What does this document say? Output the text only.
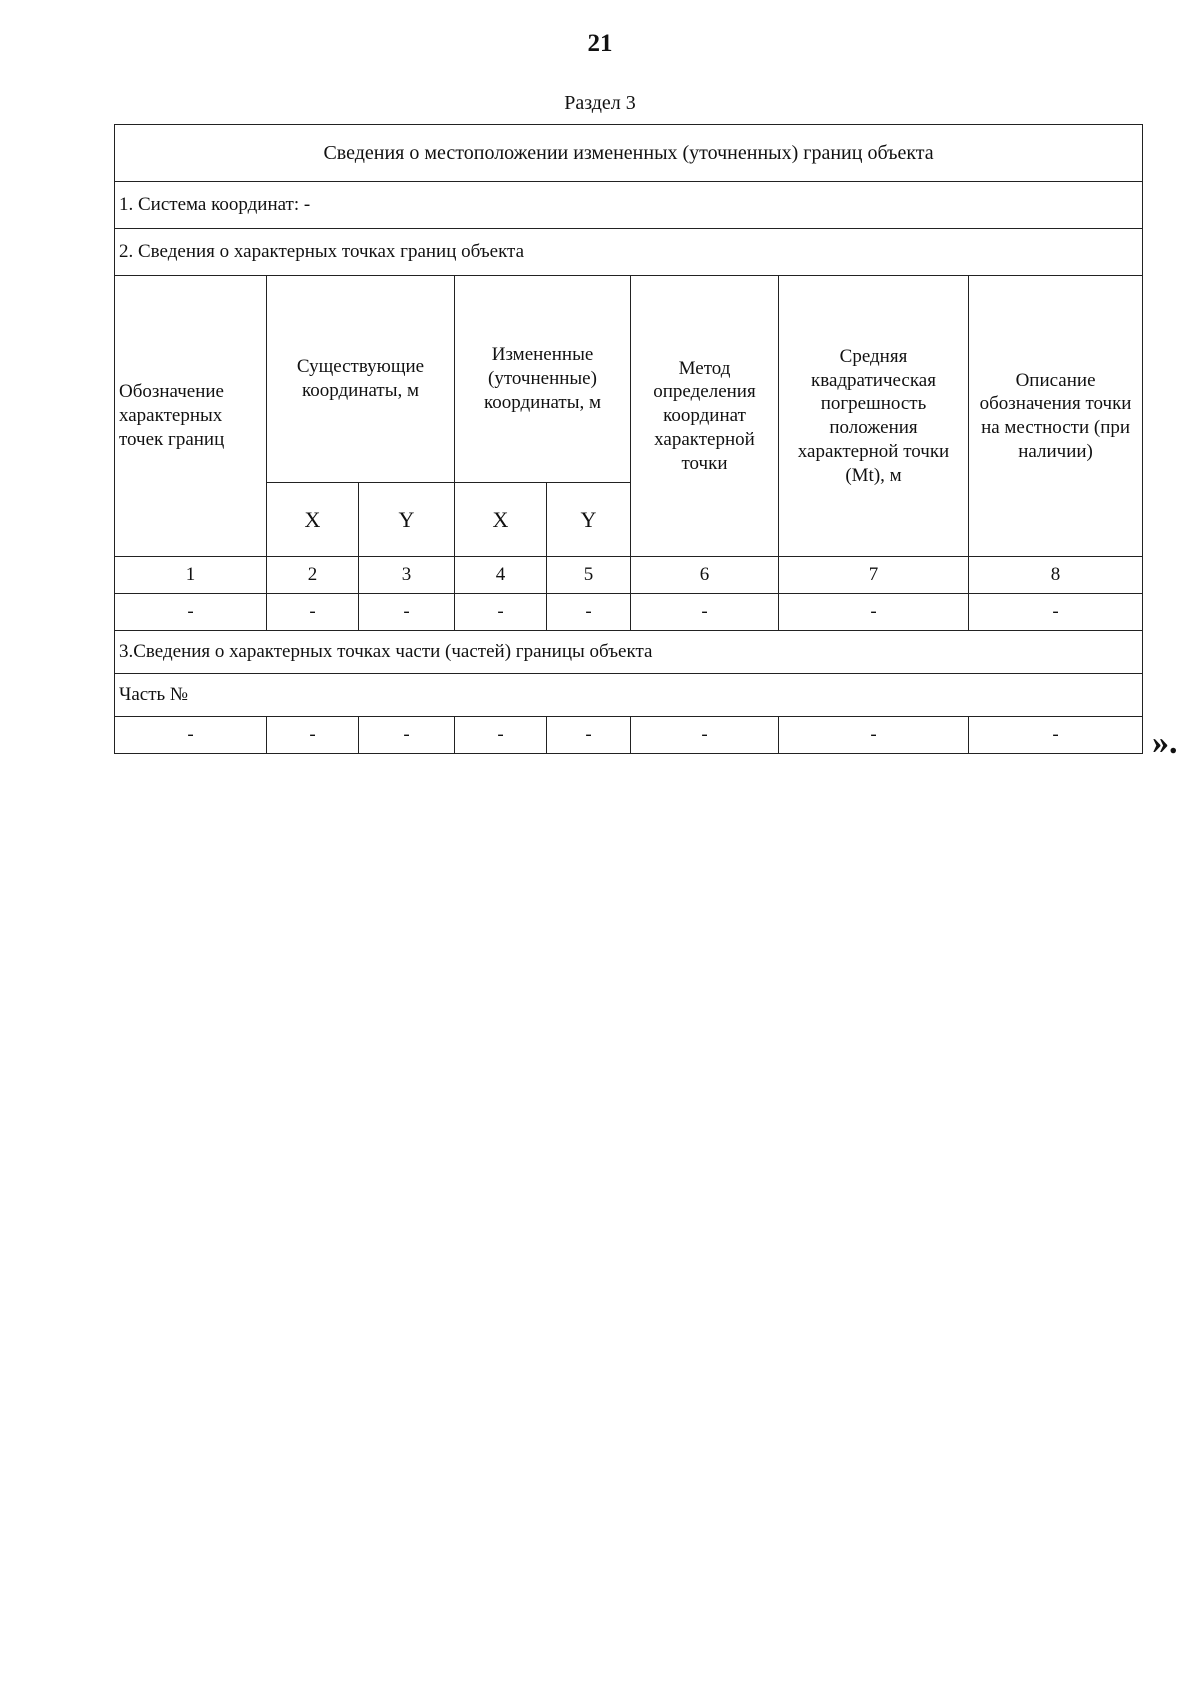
21
Раздел 3
Сведения о местоположении измененных (уточненных) границ объекта							
1. Система координат: -							
2. Сведения о характерных точках границ объекта							
Обозначение характерных точек границ	Существующие координаты, м		Измененные (уточненные) координаты, м		Метод определения координат характерной точки	Средняя квадратическая погрешность положения характерной точки (Mt), м	Описание обозначения точки на местности (при наличии)
	X	Y	X	Y			
1	2	3	4	5	6	7	8
-	-	-	-	-	-	-	-
3.Сведения о характерных точках части (частей) границы объекта							
Часть №							
-	-	-	-	-	-	-	-	».
